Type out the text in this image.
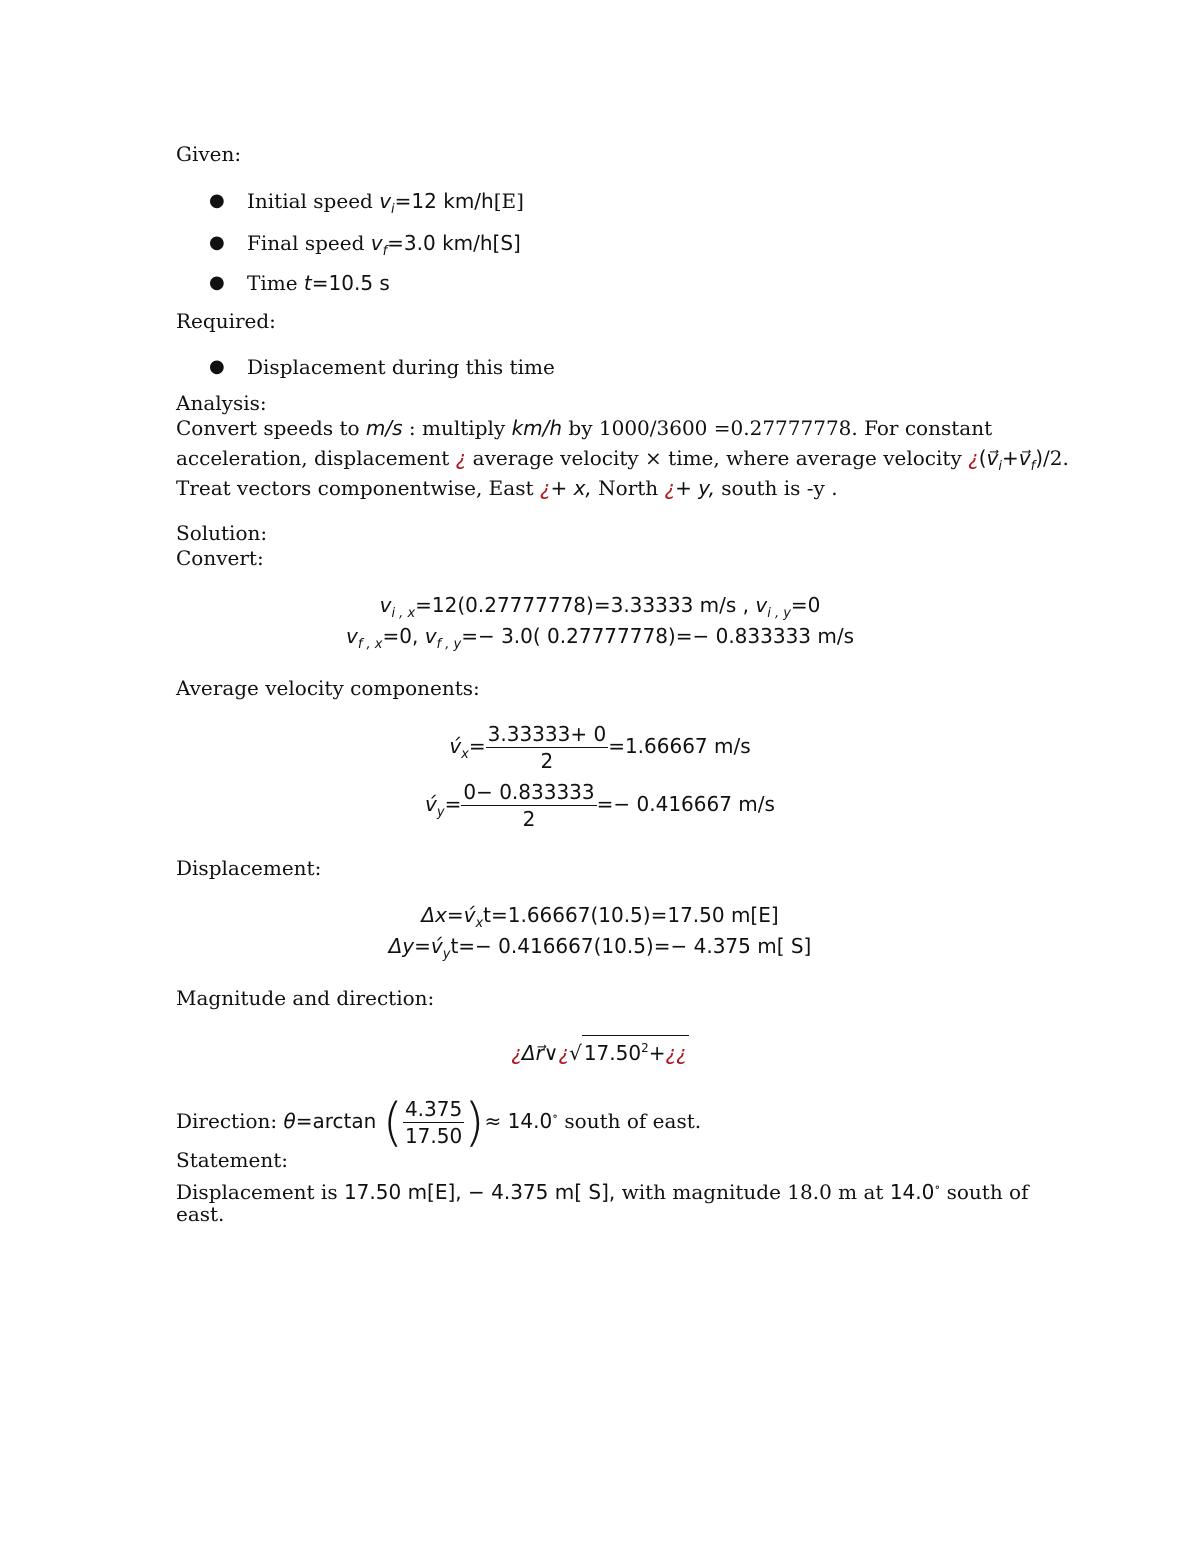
Given:
● Initial speed $v_i=12$ km/h[E]
● Final speed $v_f=3.0$ km/h[S]
● Time t=10.5 s
Required:
● Displacement during this time
Analysis:
Convert speeds to m/s : multiply km/h by 1000/3600 =0.27777778. For constant
acceleration, displacement ¿ average velocity × time, where average velocity ¿$(v⃗_i+v⃗_f)/2$.
Treat vectors componentwise, East ¿+ x, North ¿+ y, south is -y .
Solution:
Convert:
$v_{i , x}=12(0.27777778)=3.33333$ m/s , $v_{i , y}=0$
$v_{f , x}=0$, $v_{f , y}=- 3.0$( 0.27777778)=− 0.833333 m/s
Average velocity components:
$v́_x= \frac{3.33333+ 0}{2} =1.66667$ m/s
$v́_y= \frac{0- 0.833333}{2} =- 0.416667$ m/s
Displacement:
$\Delta x=v́_xt=1.66667(10.5)=17.50$ m[E]
$\Delta y=v́_yt=- 0.416667(10.5)=- 4.375$ m[ S]
Magnitude and direction:
¿Δr⃗∨¿√ $17.50^2+¿¿$
Direction: θ=arctan ( $\frac{4.375}{17.50}$ )≈ 14.0∘ south of east.
Statement:
Displacement is 17.50 m[E], − 4.375 m[ S], with magnitude 18.0 m at 14.0∘ south of
east.
